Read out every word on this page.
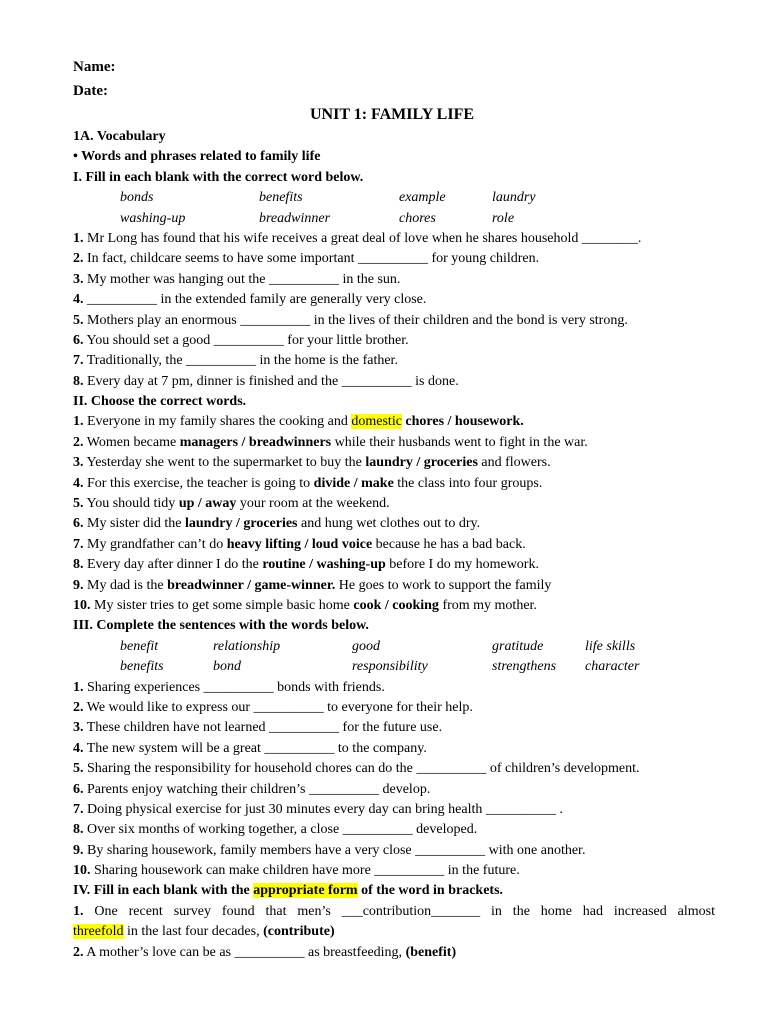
Name:
Date:
UNIT 1: FAMILY LIFE
1A. Vocabulary
• Words and phrases related to family life
I. Fill in each blank with the correct word below.
bonds	benefits	example	laundry
washing-up	breadwinner	chores	role
1. Mr Long has found that his wife receives a great deal of love when he shares household ________.
2. In fact, childcare seems to have some important __________ for young children.
3. My mother was hanging out the __________ in the sun.
4. __________ in the extended family are generally very close.
5. Mothers play an enormous __________ in the lives of their children and the bond is very strong.
6. You should set a good __________ for your little brother.
7. Traditionally, the __________ in the home is the father.
8. Every day at 7 pm, dinner is finished and the __________ is done.
II. Choose the correct words.
1. Everyone in my family shares the cooking and domestic chores / housework.
2. Women became managers / breadwinners while their husbands went to fight in the war.
3. Yesterday she went to the supermarket to buy the laundry / groceries and flowers.
4. For this exercise, the teacher is going to divide / make the class into four groups.
5. You should tidy up / away your room at the weekend.
6. My sister did the laundry / groceries and hung wet clothes out to dry.
7. My grandfather can’t do heavy lifting / loud voice because he has a bad back.
8. Every day after dinner I do the routine / washing-up before I do my homework.
9. My dad is the breadwinner / game-winner. He goes to work to support the family
10. My sister tries to get some simple basic home cook / cooking from my mother.
III. Complete the sentences with the words below.
benefit	relationship	good	gratitude	life skills
benefits	bond	responsibility	strengthens	character
1. Sharing experiences __________ bonds with friends.
2. We would like to express our __________ to everyone for their help.
3. These children have not learned __________ for the future use.
4. The new system will be a great __________ to the company.
5. Sharing the responsibility for household chores can do the __________ of children’s development.
6. Parents enjoy watching their children’s __________ develop.
7. Doing physical exercise for just 30 minutes every day can bring health __________ .
8. Over six months of working together, a close __________ developed.
9. By sharing housework, family members have a very close __________ with one another.
10. Sharing housework can make children have more __________ in the future.
IV. Fill in each blank with the appropriate form of the word in brackets.
1. One recent survey found that men’s ___contribution_______ in the home had increased almost
threefold in the last four decades, (contribute)
2. A mother’s love can be as __________ as breastfeeding, (benefit)
